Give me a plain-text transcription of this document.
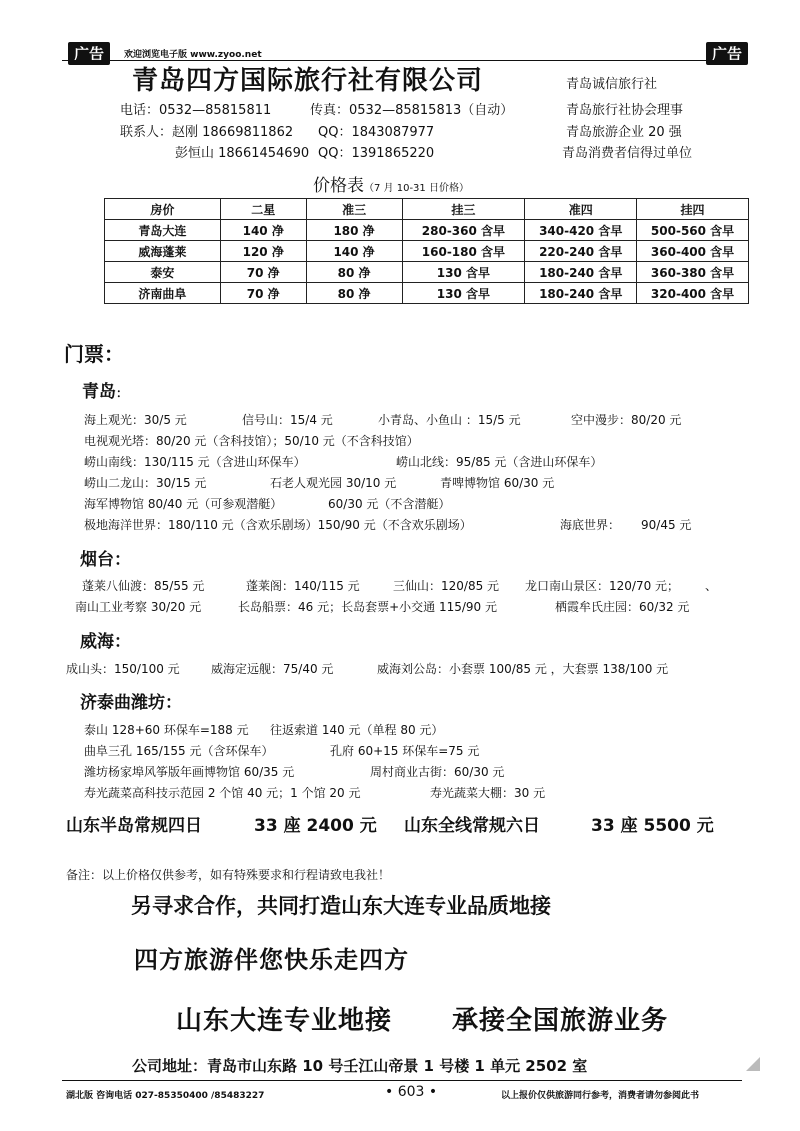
广告	欢迎浏览电子版 www.zyoo.net	广告
青岛四方国际旅行社有限公司	青岛诚信旅行社
青岛旅行社协会理事
青岛旅游企业 20 强
青岛消费者信得过单位
电话：0532—85815811	传真：0532—85815813（自动）
联系人：赵刚 18669811862 QQ：1843087977
彭恒山 18661454690 QQ：1391865220
价格表（7 月 10-31 日价格）
房价	二星	准三	挂三	准四	挂四
青岛大连	140 净	180 净	280-360 含早	340-420 含早	500-560 含早
威海蓬莱	120 净	140 净	160-180 含早	220-240 含早	360-400 含早
泰安	70 净	80 净	130 含早	180-240 含早	360-380 含早
济南曲阜	70 净	80 净	130 含早	180-240 含早	320-400 含早
门票：
青岛：
海上观光：30/5 元	信号山：15/4 元	小青岛、小鱼山 ：15/5 元	空中漫步：80/20 元
电视观光塔：80/20 元（含科技馆）；50/10 元（不含科技馆）
崂山南线：130/115 元（含进山环保车）	崂山北线：95/85 元（含进山环保车）
崂山二龙山：30/15 元	石老人观光园 30/10 元	青啤博物馆 60/30 元
海军博物馆 80/40 元（可参观潜艇）	60/30 元（不含潜艇）
极地海洋世界：180/110 元（含欢乐剧场）150/90 元（不含欢乐剧场）	海底世界： 90/45 元
烟台：
蓬莱八仙渡：85/55 元	蓬莱阁：140/115 元	三仙山：120/85 元 龙口南山景区：120/70 元； 、
南山工业考察 30/20 元	长岛船票：46 元；长岛套票+小交通 115/90 元	栖霞牟氏庄园：60/32 元
威海：
成山头：150/100 元	威海定远舰：75/40 元	威海刘公岛：小套票 100/85 元 ，大套票 138/100 元
济泰曲潍坊：
泰山 128+60 环保车=188 元 往返索道 140 元（单程 80 元）
曲阜三孔 165/155 元（含环保车）	孔府 60+15 环保车=75 元
潍坊杨家埠风筝版年画博物馆 60/35 元	周村商业古街：60/30 元
寿光蔬菜高科技示范园 2 个馆 40 元；1 个馆 20 元	寿光蔬菜大棚：30 元
山东半岛常规四日	33 座 2400 元 山东全线常规六日	33 座 5500 元
备注：以上价格仅供参考，如有特殊要求和行程请致电我社！
另寻求合作，共同打造山东大连专业品质地接
四方旅游伴您快乐走四方
山东大连专业地接 承接全国旅游业务
公司地址：青岛市山东路 10 号壬江山帝景 1 号楼 1 单元 2502 室
湖北版 咨询电话 027-85350400 /85483227	• 603 •	以上报价仅供旅游同行参考，消费者请勿参阅此书
